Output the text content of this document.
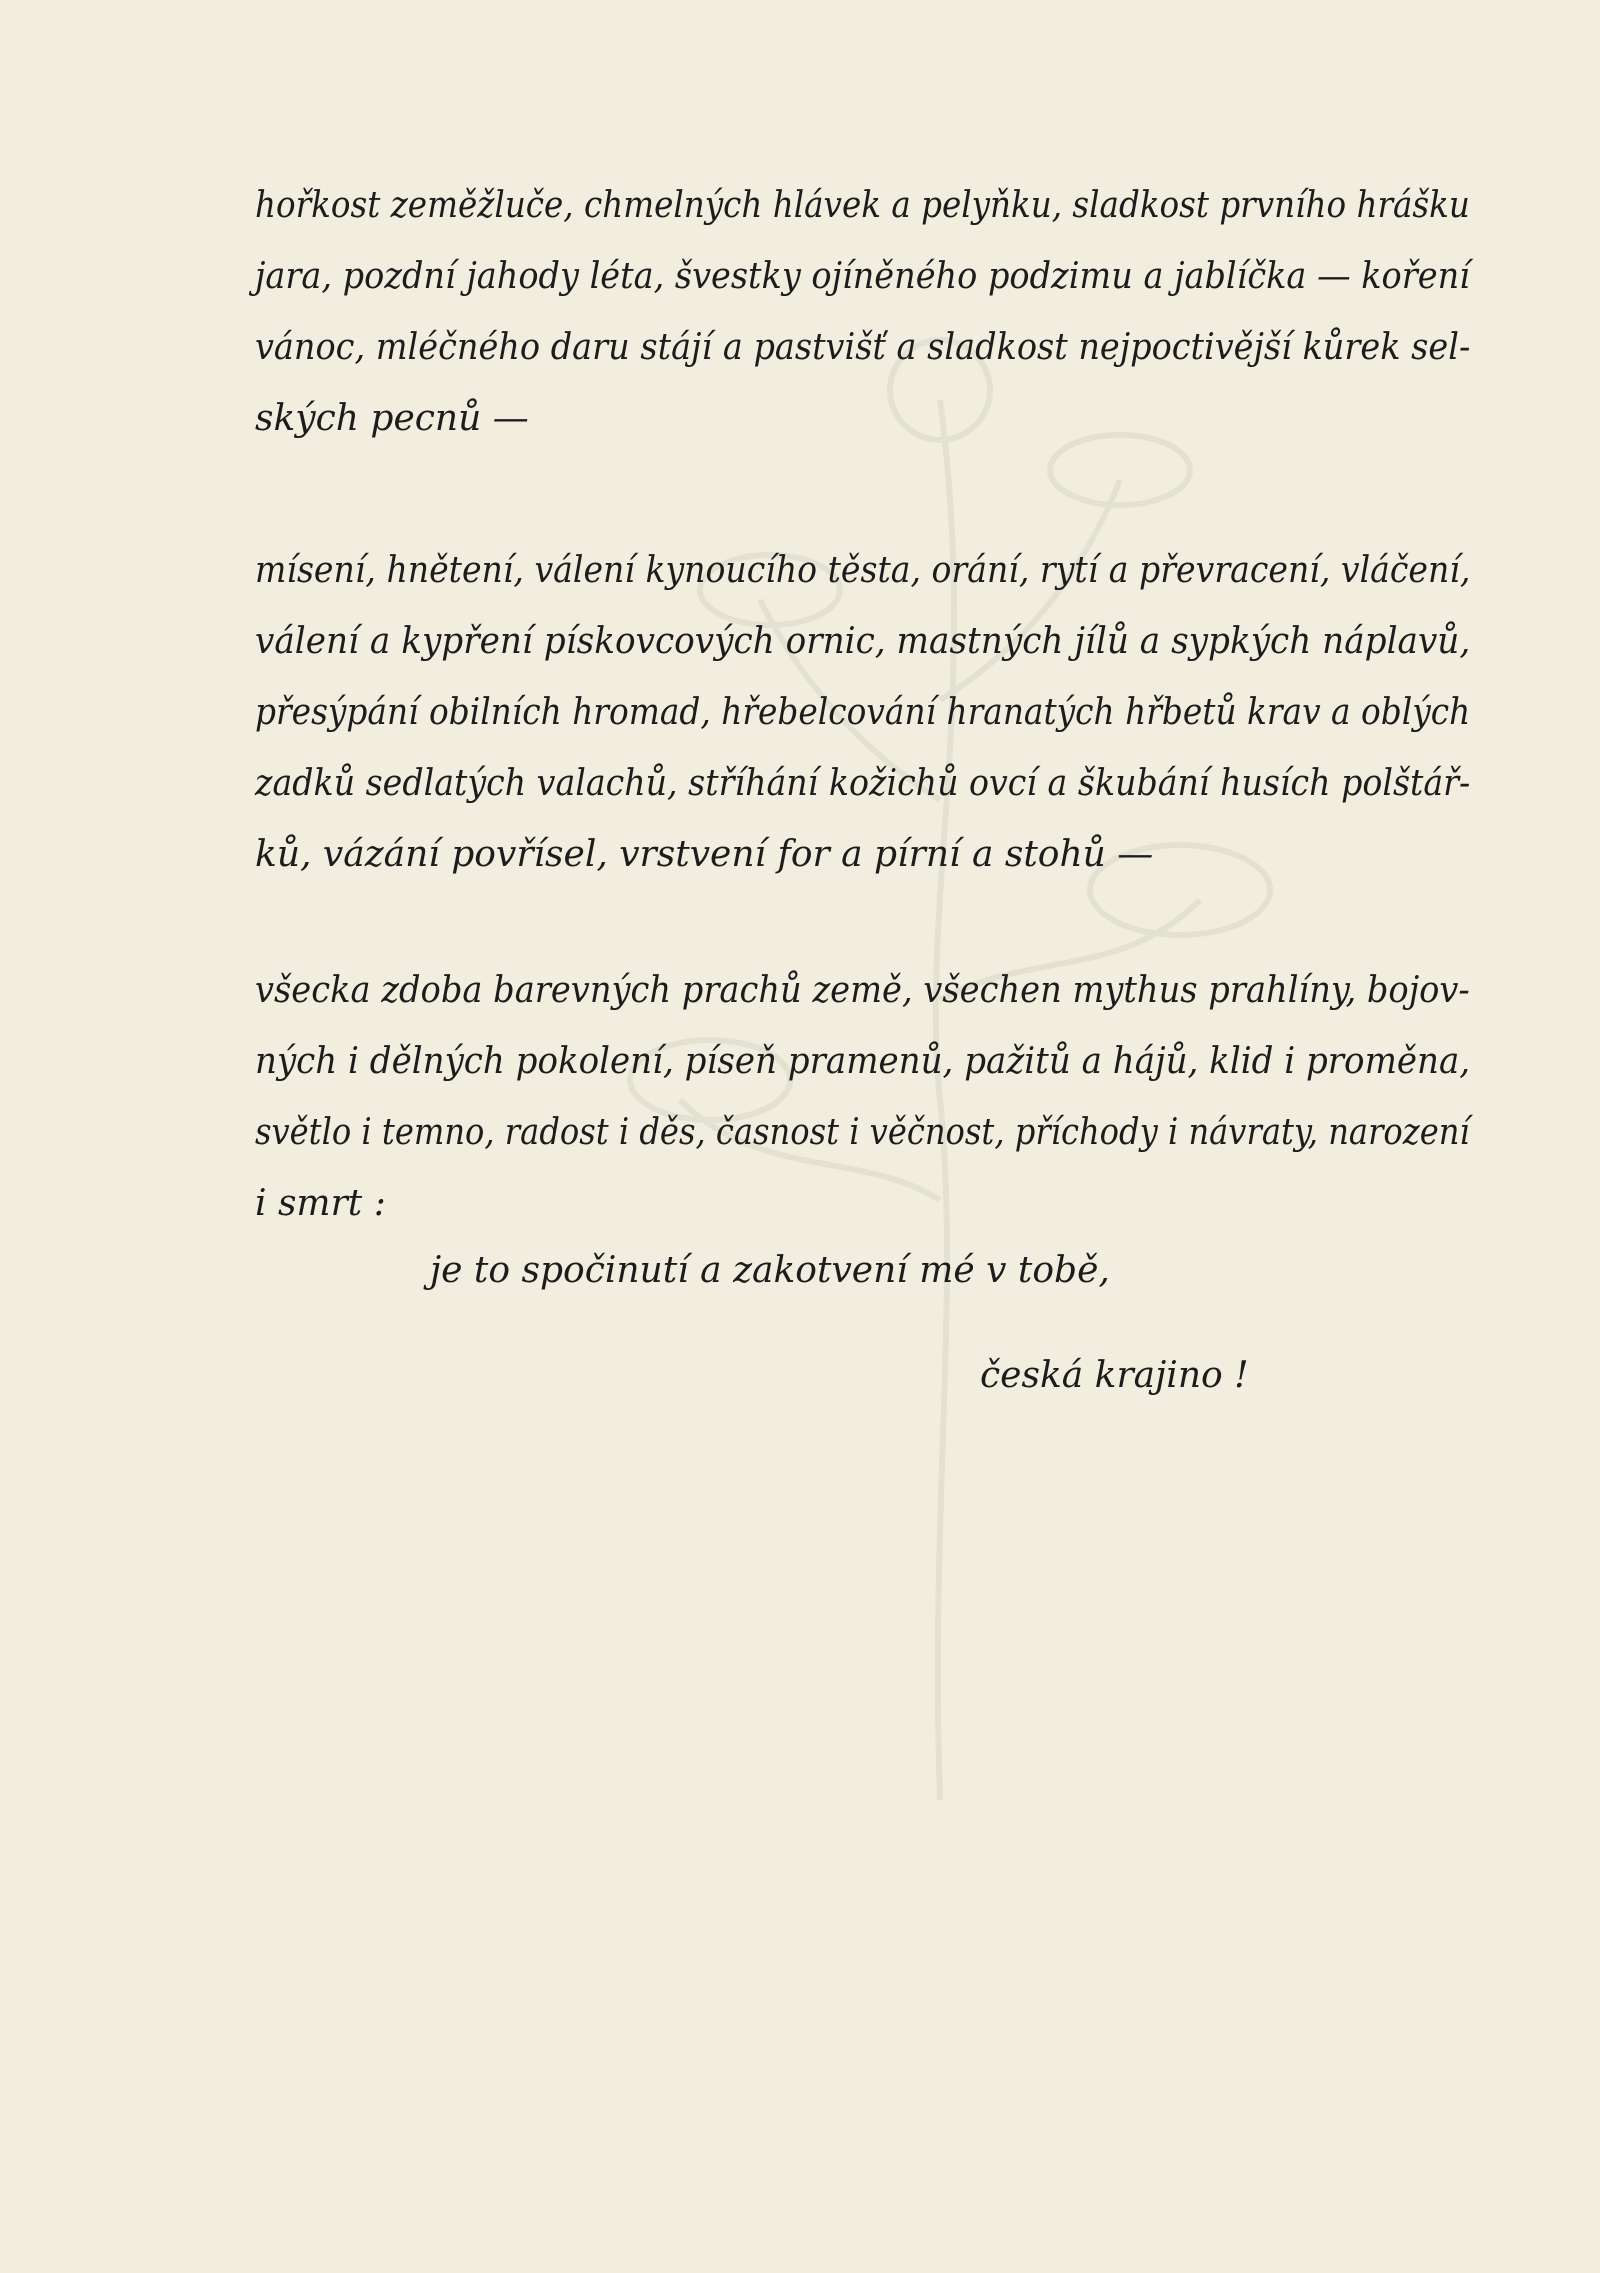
hořkost zeměžluče, chmelných hlávek a pelyňku, sladkost prvního hrášku jara, pozdní jahody léta, švestky ojíněného podzimu a jablíčka — koření vánoc, mléčného daru stájí a pastvišť a sladkost nejpoctivější kůrek sel-
ských pecnů —
mísení, hnětení, válení kynoucího těsta, orání, rytí a převracení, vláčení, válení a kypření pískovcových ornic, mastných jílů a sypkých náplavů, přesýpání obilních hromad, hřebelcování hranatých hřbetů krav a oblých zadků sedlatých valachů, stříhání kožichů ovcí a škubání husích polštář-
ků, vázání povřísel, vrstvení for a pírní a stohů —
všecka zdoba barevných prachů země, všechen mythus prahlíny, bojov- ných i dělných pokolení, píseň pramenů, pažitů a hájů, klid i proměna, světlo i temno, radost i děs, časnost i věčnost, příchody i návraty, narození
i smrt :
je to spočinutí a zakotvení mé v tobě,
česká krajino !
